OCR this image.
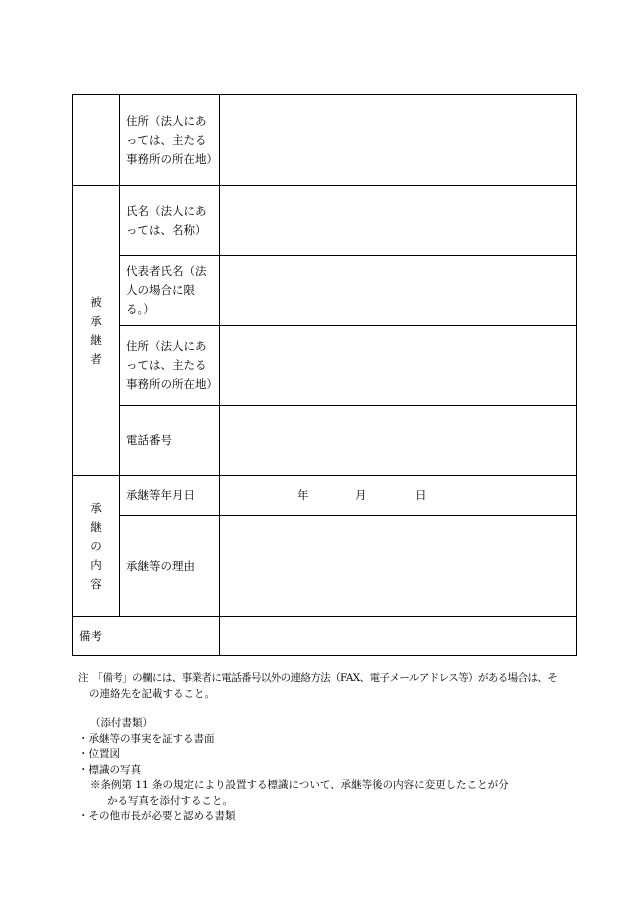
	住所（法人にあっては、主たる事務所の所在地）	

被
承
継
者	氏名（法人にあっては、名称）	
	代表者氏名（法人の場合に限る。）	
	住所（法人にあっては、主たる事務所の所在地）	
	電話番号	

承
継
の
内
容	承継等年月日	年 月 日

	承継等の理由	
備考		

注　「備考」の欄には、事業者に電話番号以外の連絡方法（FAX、電子メールアドレス等）がある場合は、そ

の連絡先を記載すること。

（添付書類）

・承継等の事実を証する書面

・位置図

・標識の写真

※条例第 11 条の規定により設置する標識について、承継等後の内容に変更したことが分

かる写真を添付すること。

・その他市長が必要と認める書類
